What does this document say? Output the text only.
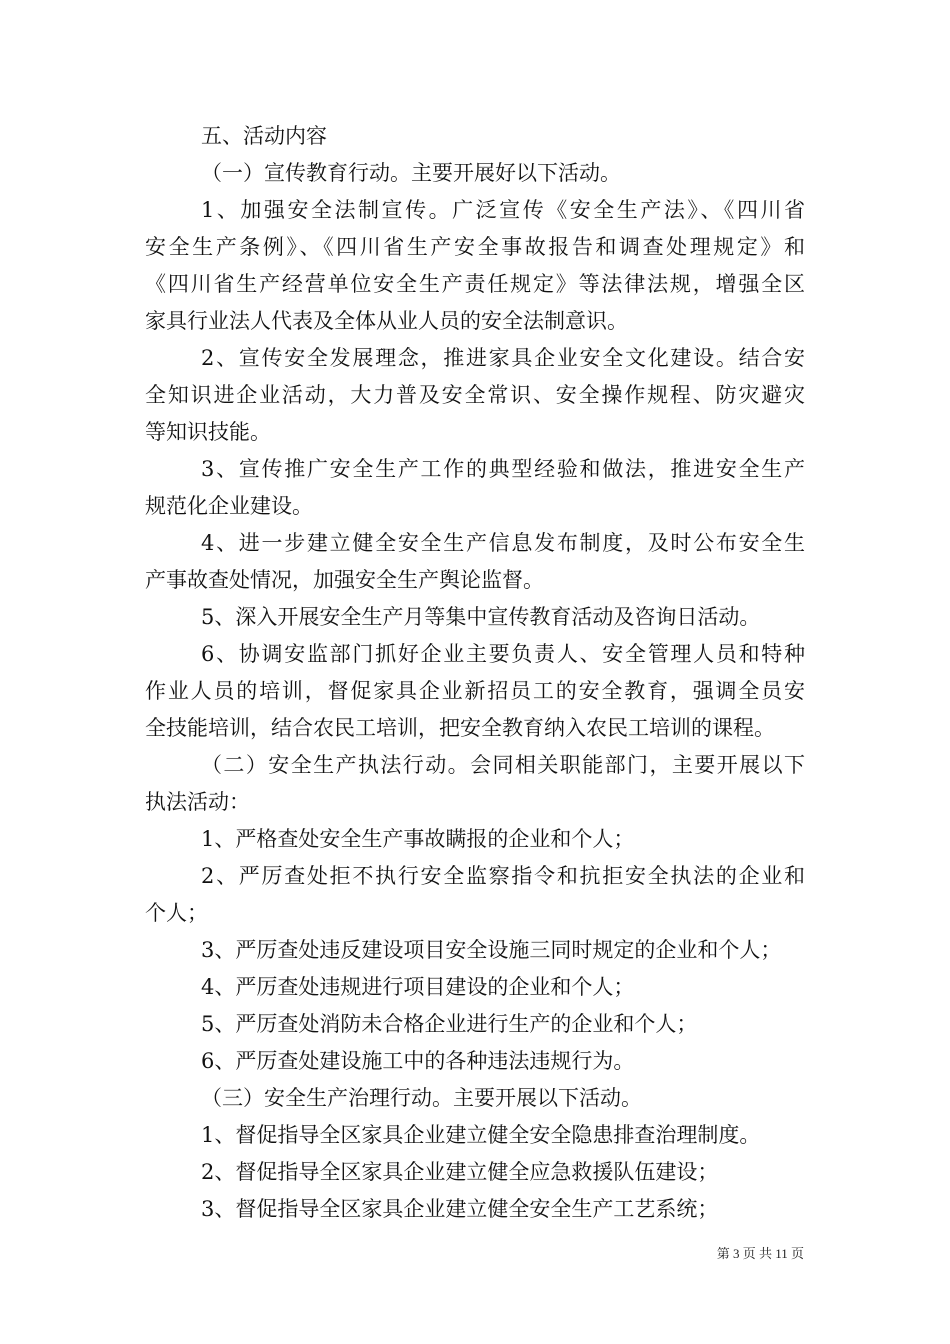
五、活动内容
（一）宣传教育行动。主要开展好以下活动。
1、加强安全法制宣传。广泛宣传《安全生产法》、《四川省
安全生产条例》、《四川省生产安全事故报告和调查处理规定》和
《四川省生产经营单位安全生产责任规定》等法律法规，增强全区
家具行业法人代表及全体从业人员的安全法制意识。
2、宣传安全发展理念，推进家具企业安全文化建设。结合安
全知识进企业活动，大力普及安全常识、安全操作规程、防灾避灾
等知识技能。
3、宣传推广安全生产工作的典型经验和做法，推进安全生产
规范化企业建设。
4、进一步建立健全安全生产信息发布制度，及时公布安全生
产事故查处情况，加强安全生产舆论监督。
5、深入开展安全生产月等集中宣传教育活动及咨询日活动。
6、协调安监部门抓好企业主要负责人、安全管理人员和特种
作业人员的培训，督促家具企业新招员工的安全教育，强调全员安
全技能培训，结合农民工培训，把安全教育纳入农民工培训的课程。
（二）安全生产执法行动。会同相关职能部门，主要开展以下
执法活动：
1、严格查处安全生产事故瞒报的企业和个人；
2、严厉查处拒不执行安全监察指令和抗拒安全执法的企业和
个人；
3、严厉查处违反建设项目安全设施三同时规定的企业和个人；
4、严厉查处违规进行项目建设的企业和个人；
5、严厉查处消防未合格企业进行生产的企业和个人；
6、严厉查处建设施工中的各种违法违规行为。
（三）安全生产治理行动。主要开展以下活动。
1、督促指导全区家具企业建立健全安全隐患排查治理制度。
2、督促指导全区家具企业建立健全应急救援队伍建设；
3、督促指导全区家具企业建立健全安全生产工艺系统；
第 3 页 共 11 页
